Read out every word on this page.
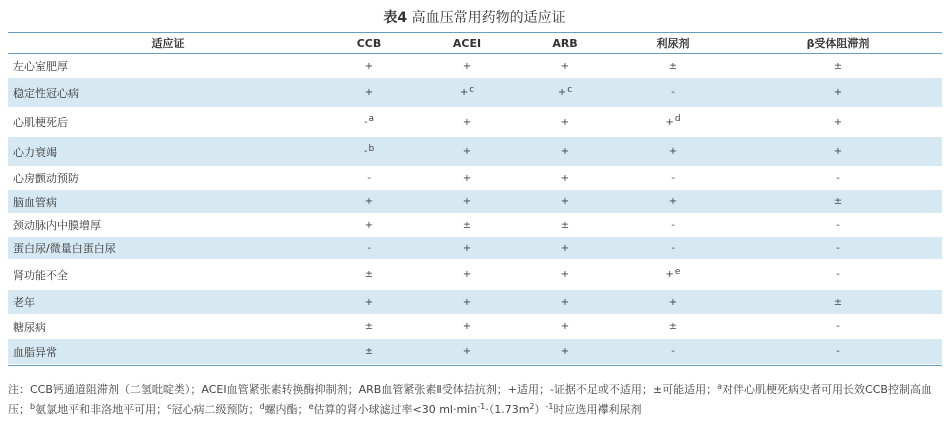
表4 高血压常用药物的适应证
适应证	CCB	ACEI	ARB	利尿剂	β受体阻滞剂
左心室肥厚	+	+	+	±	±
稳定性冠心病	+	+$^c$	+$^c$	-	+
心肌梗死后	-$^a$	+	+	+$^d$	+
心力衰竭	-$^b$	+	+	+	+
心房颤动预防	-	+	+	-	-
脑血管病	+	+	+	+	±
颈动脉内中膜增厚	+	±	±	-	-
蛋白尿/微量白蛋白尿	-	+	+	-	-
肾功能不全	±	+	+	+$^e$	-
老年	+	+	+	+	±
糖尿病	±	+	+	±	-
血脂异常	±	+	+	-	-
注：CCB钙通道阻滞剂（二氢吡啶类）；ACEI血管紧张素转换酶抑制剂；ARB血管紧张素Ⅱ受体拮抗剂；+适用；-证据不足或不适用；±可能适用；$^a$对伴心肌梗死病史者可用长效CCB控制高血压；$^b$氨氯地平和非洛地平可用；$^c$冠心病二级预防；$^d$螺内酯；$^e$估算的肾小球滤过率<30 $ml\cdot\min^{-1}\cdot(1.73m^2)^{-1}$时应选用襻利尿剂
